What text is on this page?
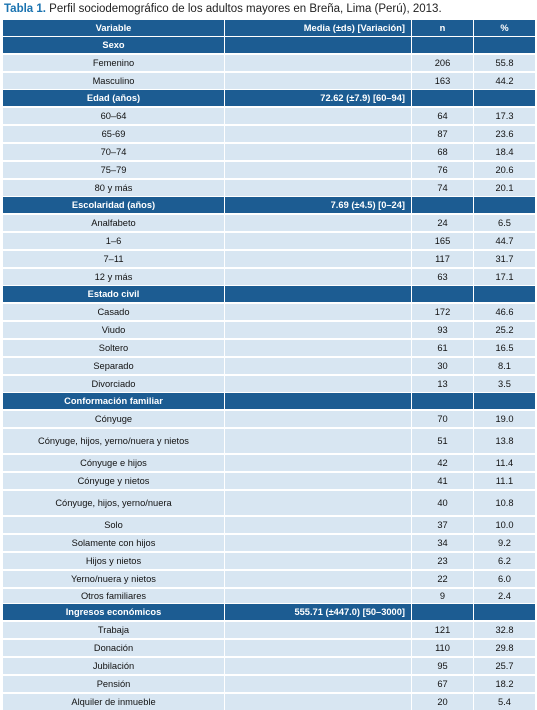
Tabla 1. Perfil sociodemográfico de los adultos mayores en Breña, Lima (Perú), 2013.
Variable	Media (±ds) [Variación]	n	%
Sexo			
Femenino		206	55.8
Masculino		163	44.2
Edad (años)	72.62 (±7.9) [60–94]		
60–64		64	17.3
65-69		87	23.6
70–74		68	18.4
75–79		76	20.6
80 y más		74	20.1
Escolaridad (años)	7.69 (±4.5) [0–24]		
Analfabeto		24	6.5
1–6		165	44.7
7–11		117	31.7
12 y más		63	17.1
Estado civil			
Casado		172	46.6
Viudo		93	25.2
Soltero		61	16.5
Separado		30	8.1
Divorciado		13	3.5
Conformación familiar			
Cónyuge		70	19.0
Cónyuge, hijos, yerno/nuera y nietos		51	13.8
Cónyuge e hijos		42	11.4
Cónyuge y nietos		41	11.1
Cónyuge, hijos, yerno/nuera		40	10.8
Solo		37	10.0
Solamente con hijos		34	9.2
Hijos y nietos		23	6.2
Yerno/nuera y nietos		22	6.0
Otros familiares		9	2.4
Ingresos económicos	555.71 (±447.0) [50–3000]		
Trabaja		121	32.8
Donación		110	29.8
Jubilación		95	25.7
Pensión		67	18.2
Alquiler de inmueble		20	5.4
